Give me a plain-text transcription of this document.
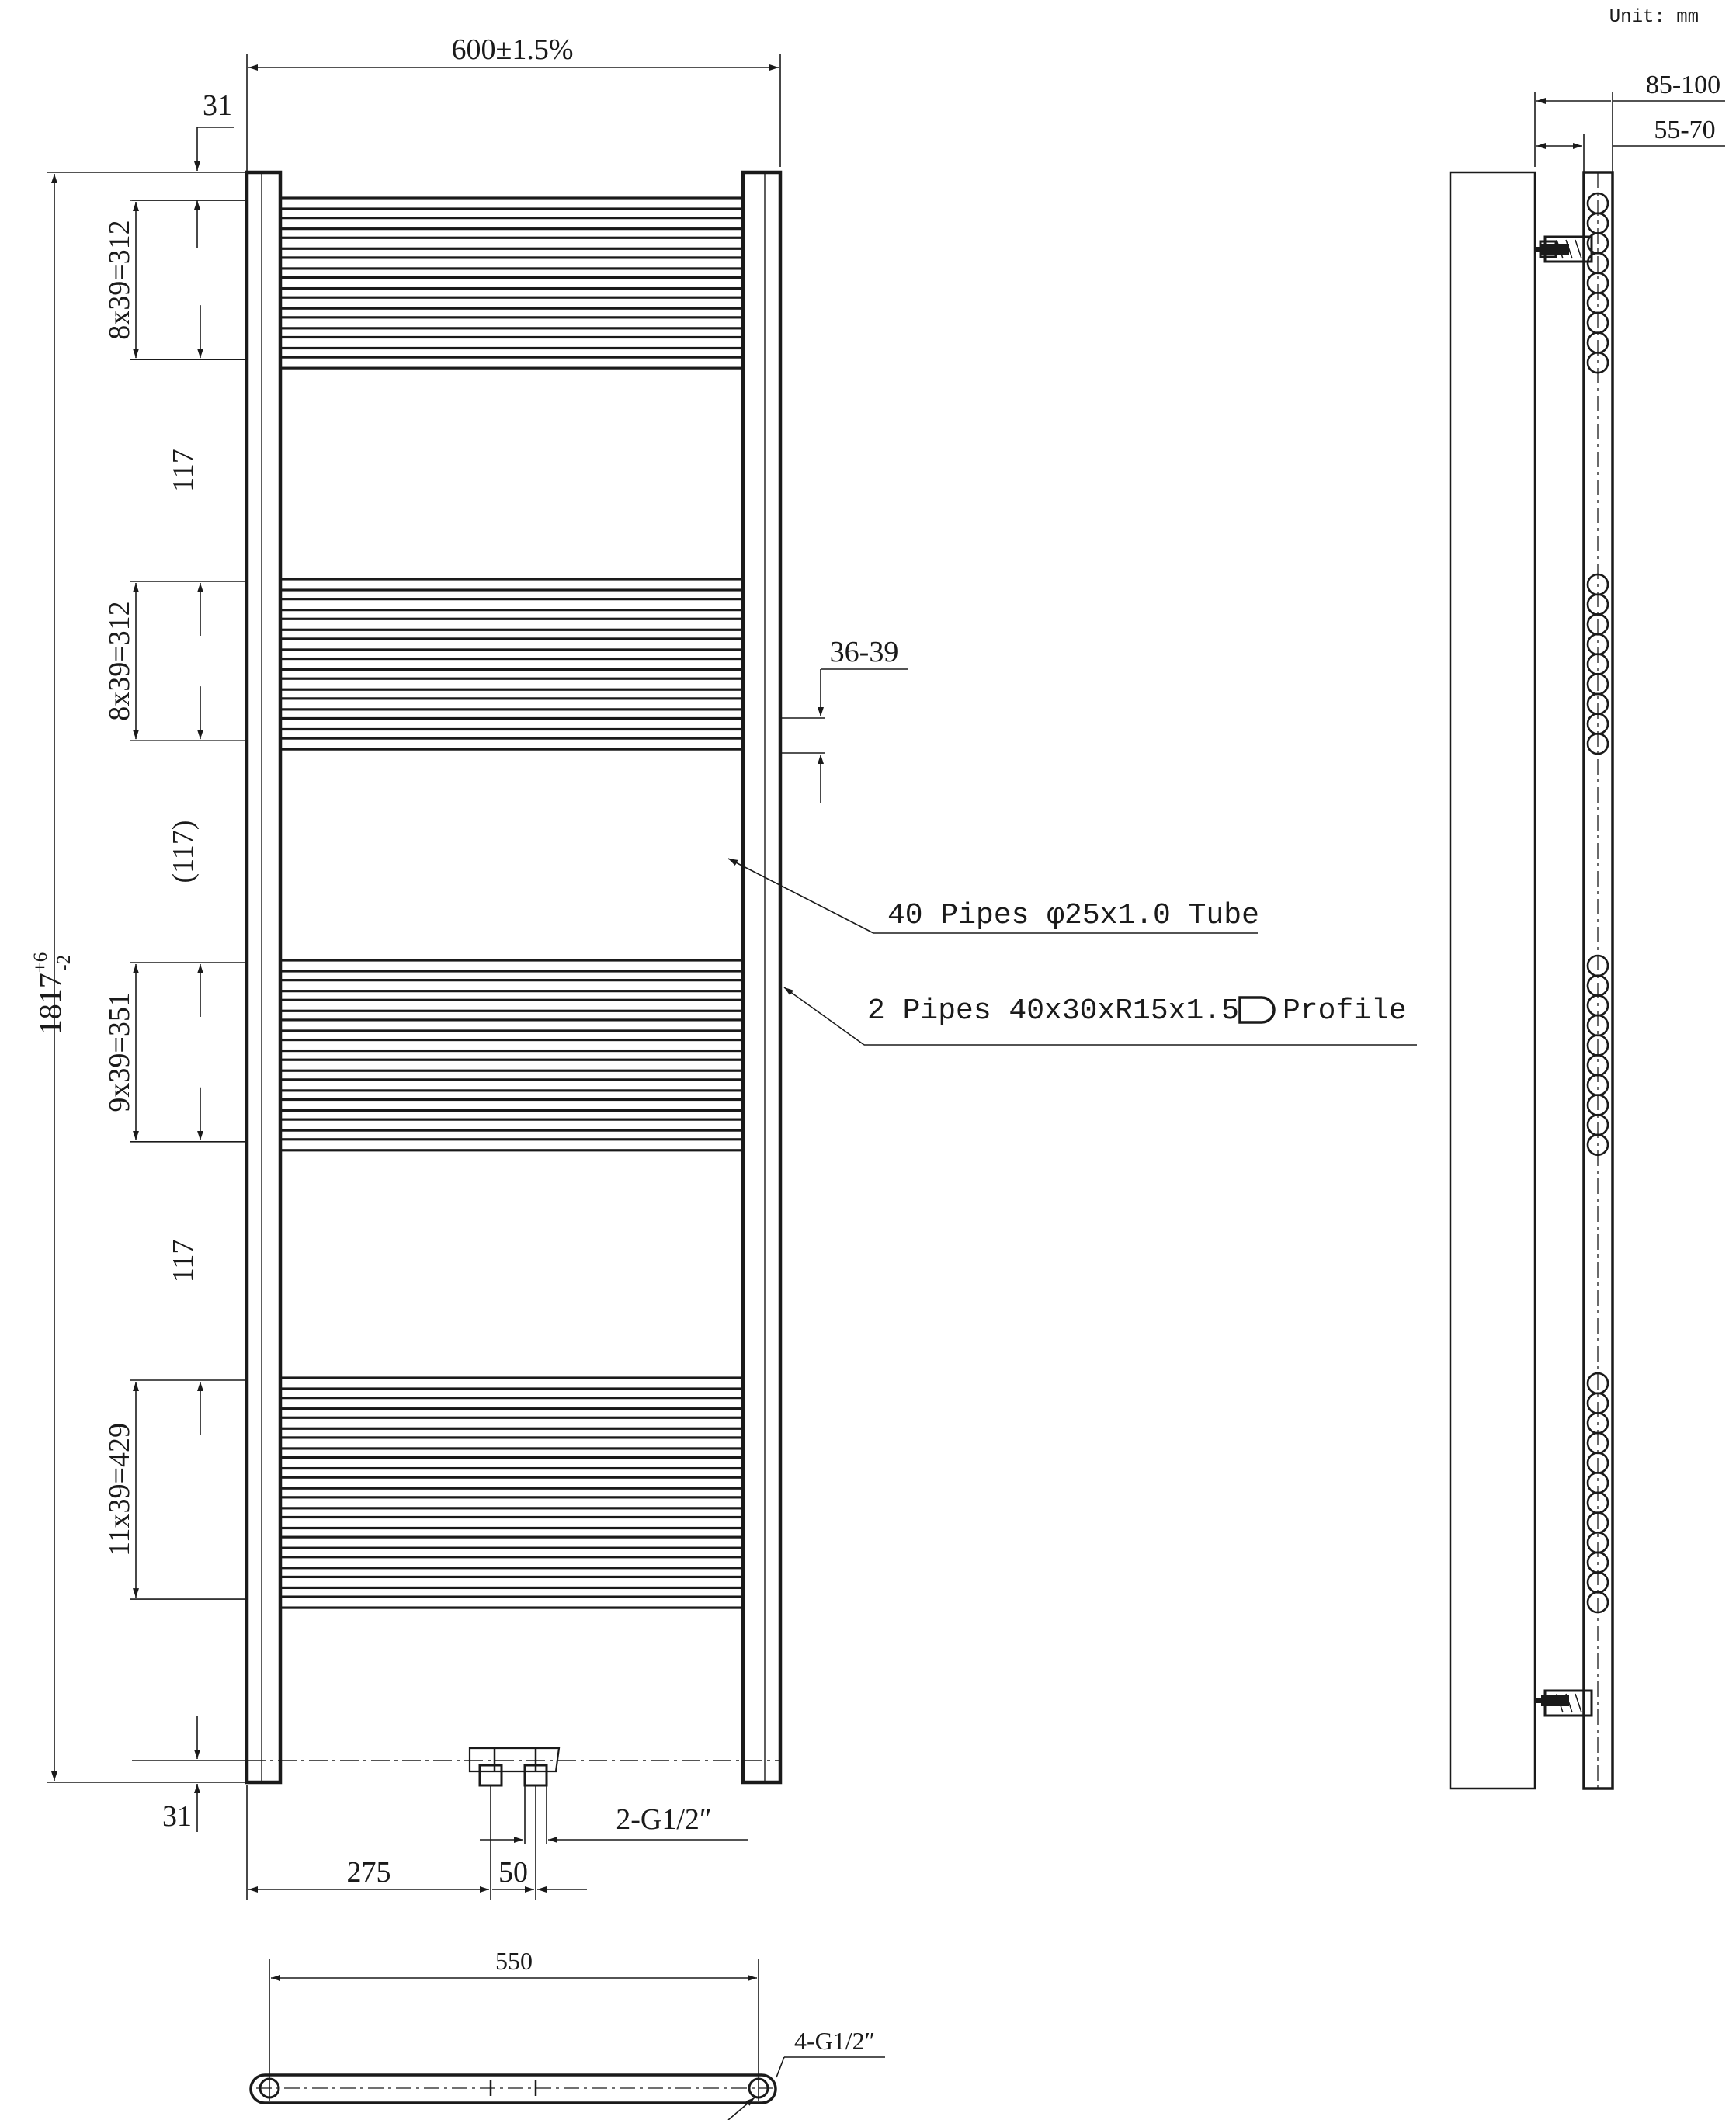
Unit: mm
600±1.5%
$1817^{+6}$ -2
31
31
8x39=312
8x39=312
9x39=351
11x39=429
117
(117)
117
36-39
40 Pipes φ25x1.0 Tube
2 Pipes 40x30xR15x1.5 Profile
2-G1/2″
275	50
85-100
55-70
550
4-G1/2″
